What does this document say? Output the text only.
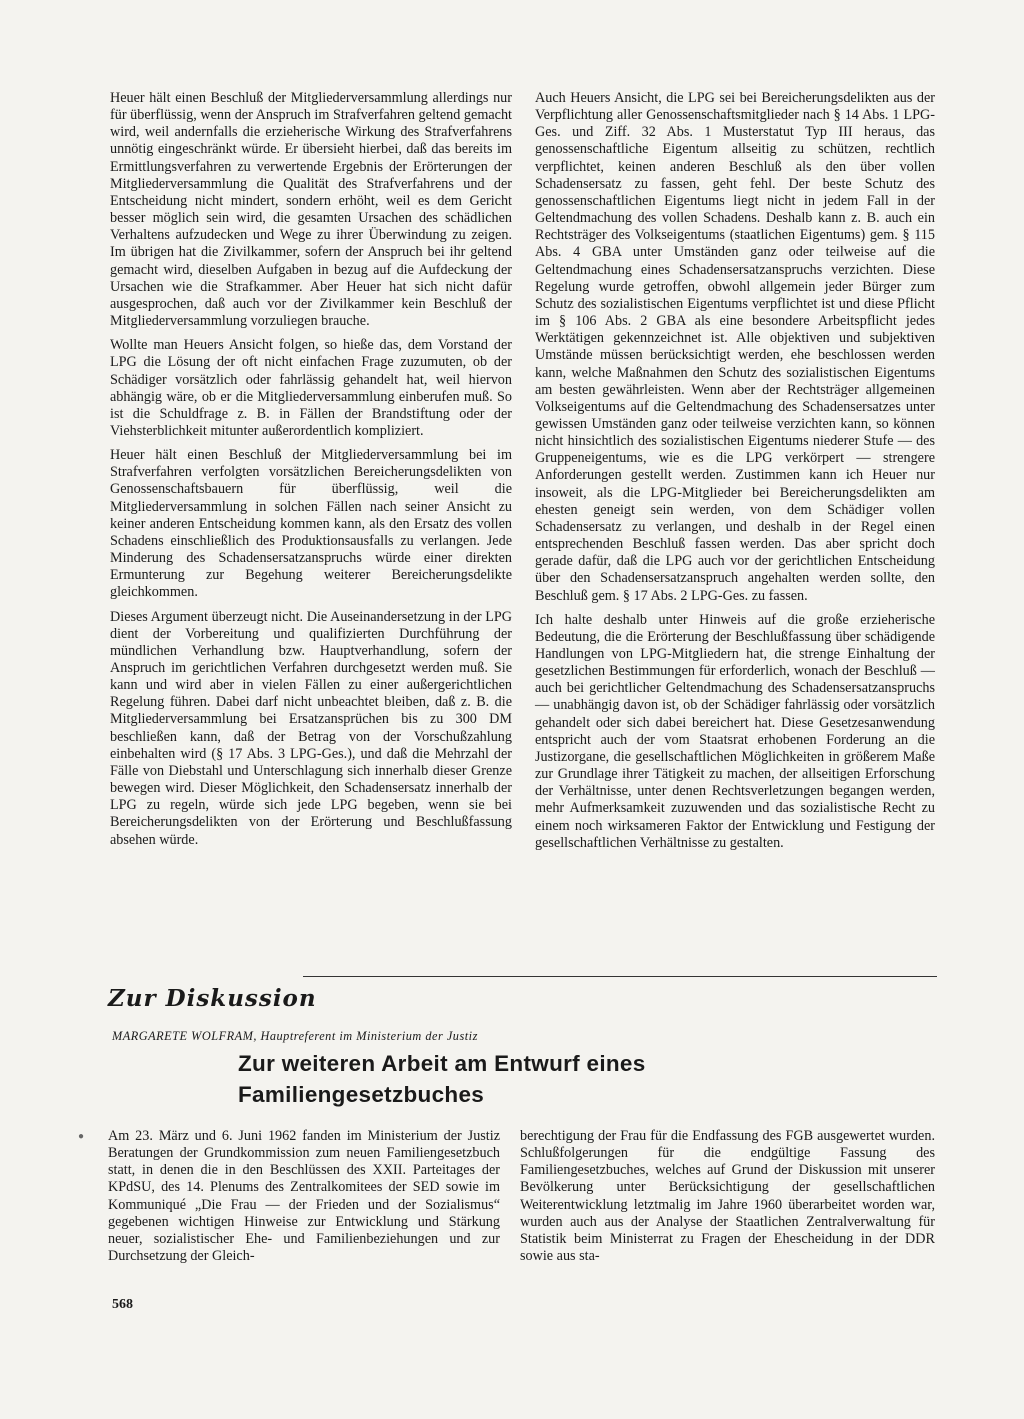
Heuer hält einen Beschluß der Mitgliederversammlung allerdings nur für überflüssig, wenn der Anspruch im Strafverfahren geltend gemacht wird, weil andernfalls die erzieherische Wirkung des Strafverfahrens unnötig eingeschränkt würde. Er übersieht hierbei, daß das bereits im Ermittlungsverfahren zu verwertende Ergebnis der Erörterungen der Mitgliederversammlung die Qualität des Strafverfahrens und der Entscheidung nicht mindert, sondern erhöht, weil es dem Gericht besser möglich sein wird, die gesamten Ursachen des schädlichen Verhaltens aufzudecken und Wege zu ihrer Überwindung zu zeigen. Im übrigen hat die Zivilkammer, sofern der Anspruch bei ihr geltend gemacht wird, dieselben Aufgaben in bezug auf die Aufdeckung der Ursachen wie die Strafkammer. Aber Heuer hat sich nicht dafür ausgesprochen, daß auch vor der Zivilkammer kein Beschluß der Mitgliederversammlung vorzuliegen brauche.

Wollte man Heuers Ansicht folgen, so hieße das, dem Vorstand der LPG die Lösung der oft nicht einfachen Frage zuzumuten, ob der Schädiger vorsätzlich oder fahrlässig gehandelt hat, weil hiervon abhängig wäre, ob er die Mitgliederversammlung einberufen muß. So ist die Schuldfrage z. B. in Fällen der Brandstiftung oder der Viehsterblichkeit mitunter außerordentlich kompliziert.

Heuer hält einen Beschluß der Mitgliederversammlung bei im Strafverfahren verfolgten vorsätzlichen Bereicherungsdelikten von Genossenschaftsbauern für überflüssig, weil die Mitgliederversammlung in solchen Fällen nach seiner Ansicht zu keiner anderen Entscheidung kommen kann, als den Ersatz des vollen Schadens einschließlich des Produktionsausfalls zu verlangen. Jede Minderung des Schadensersatzanspruchs würde einer direkten Ermunterung zur Begehung weiterer Bereicherungsdelikte gleichkommen.

Dieses Argument überzeugt nicht. Die Auseinandersetzung in der LPG dient der Vorbereitung und qualifizierten Durchführung der mündlichen Verhandlung bzw. Hauptverhandlung, sofern der Anspruch im gerichtlichen Verfahren durchgesetzt werden muß. Sie kann und wird aber in vielen Fällen zu einer außergerichtlichen Regelung führen. Dabei darf nicht unbeachtet bleiben, daß z. B. die Mitgliederversammlung bei Ersatzansprüchen bis zu 300 DM beschließen kann, daß der Betrag von der Vorschußzahlung einbehalten wird (§ 17 Abs. 3 LPG-Ges.), und daß die Mehrzahl der Fälle von Diebstahl und Unterschlagung sich innerhalb dieser Grenze bewegen wird. Dieser Möglichkeit, den Schadensersatz innerhalb der LPG zu regeln, würde sich jede LPG begeben, wenn sie bei Bereicherungsdelikten von der Erörterung und Beschlußfassung absehen würde.

Auch Heuers Ansicht, die LPG sei bei Bereicherungsdelikten aus der Verpflichtung aller Genossenschaftsmitglieder nach § 14 Abs. 1 LPG-Ges. und Ziff. 32 Abs. 1 Musterstatut Typ III heraus, das genossenschaftliche Eigentum allseitig zu schützen, rechtlich verpflichtet, keinen anderen Beschluß als den über vollen Schadensersatz zu fassen, geht fehl. Der beste Schutz des genossenschaftlichen Eigentums liegt nicht in jedem Fall in der Geltendmachung des vollen Schadens. Deshalb kann z. B. auch ein Rechtsträger des Volkseigentums (staatlichen Eigentums) gem. § 115 Abs. 4 GBA unter Umständen ganz oder teilweise auf die Geltendmachung eines Schadensersatzanspruchs verzichten. Diese Regelung wurde getroffen, obwohl allgemein jeder Bürger zum Schutz des sozialistischen Eigentums verpflichtet ist und diese Pflicht im § 106 Abs. 2 GBA als eine besondere Arbeitspflicht jedes Werktätigen gekennzeichnet ist. Alle objektiven und subjektiven Umstände müssen berücksichtigt werden, ehe beschlossen werden kann, welche Maßnahmen den Schutz des sozialistischen Eigentums am besten gewährleisten. Wenn aber der Rechtsträger allgemeinen Volkseigentums auf die Geltendmachung des Schadensersatzes unter gewissen Umständen ganz oder teilweise verzichten kann, so können nicht hinsichtlich des sozialistischen Eigentums niederer Stufe — des Gruppeneigentums, wie es die LPG verkörpert — strengere Anforderungen gestellt werden. Zustimmen kann ich Heuer nur insoweit, als die LPG-Mitglieder bei Bereicherungsdelikten am ehesten geneigt sein werden, von dem Schädiger vollen Schadensersatz zu verlangen, und deshalb in der Regel einen entsprechenden Beschluß fassen werden. Das aber spricht doch gerade dafür, daß die LPG auch vor der gerichtlichen Entscheidung über den Schadensersatzanspruch angehalten werden sollte, den Beschluß gem. § 17 Abs. 2 LPG-Ges. zu fassen.

Ich halte deshalb unter Hinweis auf die große erzieherische Bedeutung, die die Erörterung der Beschlußfassung über schädigende Handlungen von LPG-Mitgliedern hat, die strenge Einhaltung der gesetzlichen Bestimmungen für erforderlich, wonach der Beschluß — auch bei gerichtlicher Geltendmachung des Schadensersatzanspruchs — unabhängig davon ist, ob der Schädiger fahrlässig oder vorsätzlich gehandelt oder sich dabei bereichert hat. Diese Gesetzesanwendung entspricht auch der vom Staatsrat erhobenen Forderung an die Justizorgane, die gesellschaftlichen Möglichkeiten in größerem Maße zur Grundlage ihrer Tätigkeit zu machen, der allseitigen Erforschung der Verhältnisse, unter denen Rechtsverletzungen begangen werden, mehr Aufmerksamkeit zuzuwenden und das sozialistische Recht zu einem noch wirksameren Faktor der Entwicklung und Festigung der gesellschaftlichen Verhältnisse zu gestalten.

Zur Diskussion
MARGARETE WOLFRAM, Hauptreferent im Ministerium der Justiz
Zur weiteren Arbeit am Entwurf eines
Familiengesetzbuches
● Am 23. März und 6. Juni 1962 fanden im Ministerium der Justiz Beratungen der Grundkommission zum neuen Familiengesetzbuch statt, in denen die in den Beschlüssen des XXII. Parteitages der KPdSU, des 14. Plenums des Zentralkomitees der SED sowie im Kommuniqué „Die Frau — der Frieden und der Sozialismus“ gegebenen wichtigen Hinweise zur Entwicklung und Stärkung neuer, sozialistischer Ehe- und Familienbeziehungen und zur Durchsetzung der Gleich-

berechtigung der Frau für die Endfassung des FGB ausgewertet wurden. Schlußfolgerungen für die endgültige Fassung des Familiengesetzbuches, welches auf Grund der Diskussion mit unserer Bevölkerung unter Berücksichtigung der gesellschaftlichen Weiterentwicklung letztmalig im Jahre 1960 überarbeitet worden war, wurden auch aus der Analyse der Staatlichen Zentralverwaltung für Statistik beim Ministerrat zu Fragen der Ehescheidung in der DDR sowie aus sta-

568
